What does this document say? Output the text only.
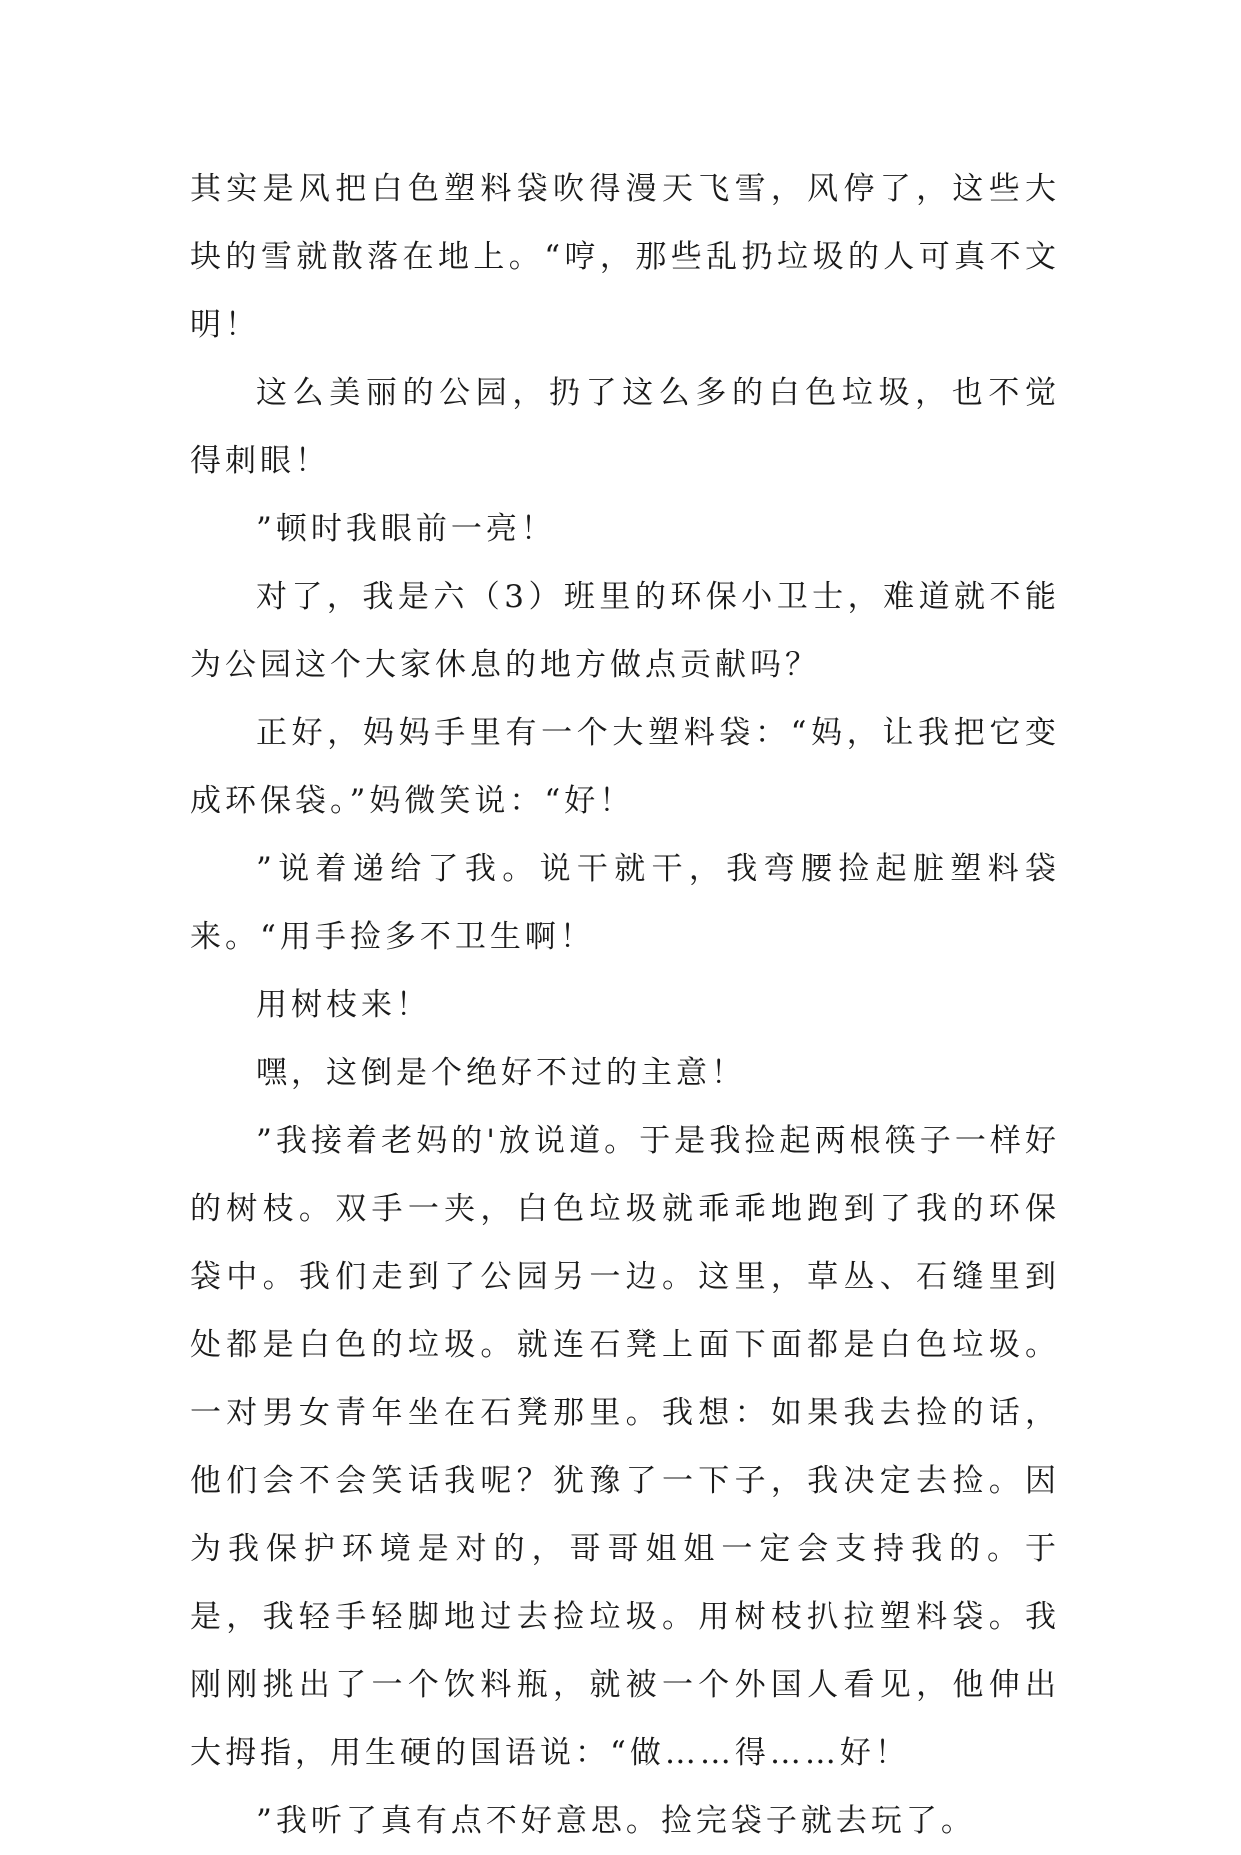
其实是风把白色塑料袋吹得漫天飞雪，风停了，这些大块的雪就散落在地上。“哼，那些乱扔垃圾的人可真不文明！

这么美丽的公园，扔了这么多的白色垃圾，也不觉得刺眼！

”顿时我眼前一亮！

对了，我是六（3）班里的环保小卫士，难道就不能为公园这个大家休息的地方做点贡献吗？

正好，妈妈手里有一个大塑料袋：“妈，让我把它变成环保袋。”妈微笑说：“好！

”说着递给了我。说干就干，我弯腰捡起脏塑料袋来。“用手捡多不卫生啊！

用树枝来！

嘿，这倒是个绝好不过的主意！

”我接着老妈的'放说道。于是我捡起两根筷子一样好的树枝。双手一夹，白色垃圾就乖乖地跑到了我的环保袋中。我们走到了公园另一边。这里，草丛、石缝里到处都是白色的垃圾。就连石凳上面下面都是白色垃圾。一对男女青年坐在石凳那里。我想：如果我去捡的话，他们会不会笑话我呢？犹豫了一下子，我决定去捡。因为我保护环境是对的，哥哥姐姐一定会支持我的。于是，我轻手轻脚地过去捡垃圾。用树枝扒拉塑料袋。我刚刚挑出了一个饮料瓶，就被一个外国人看见，他伸出大拇指，用生硬的国语说：“做……得……好！

”我听了真有点不好意思。捡完袋子就去玩了。
